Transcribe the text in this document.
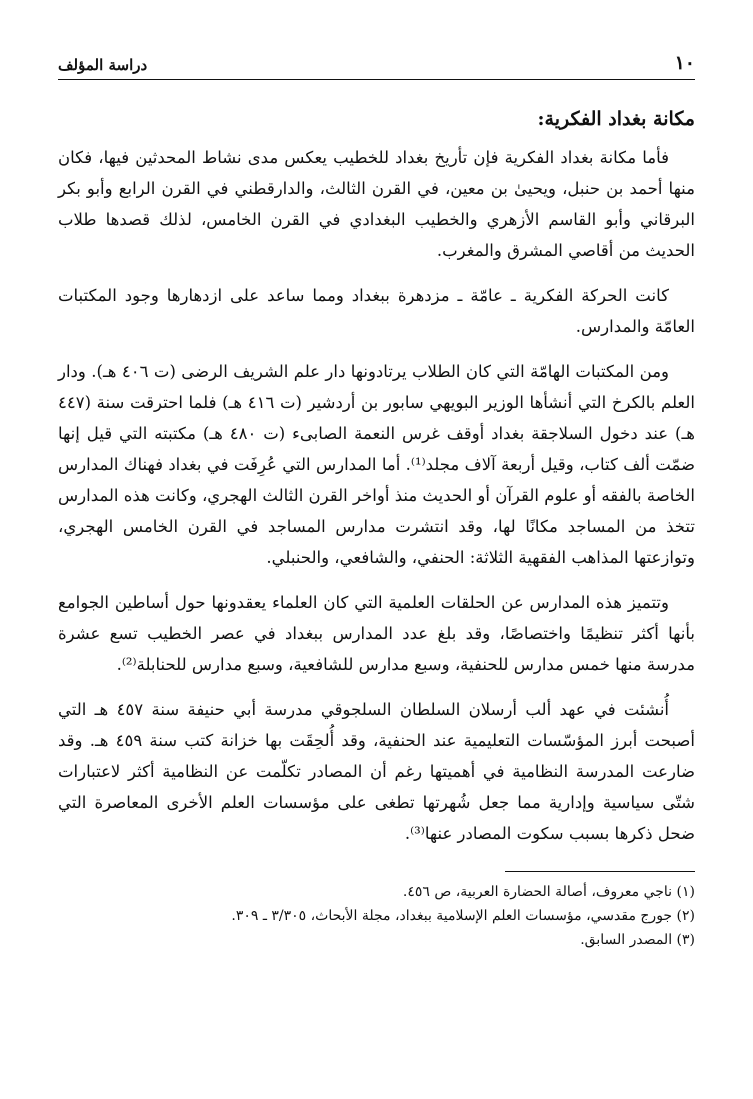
١٠
دراسة المؤلف
مكانة بغداد الفكرية:

فأما مكانة بغداد الفكرية فإن تأريخ بغداد للخطيب يعكس مدى نشاط المحدثين فيها، فكان منها أحمد بن حنبل، ويحيىٰ بن معين، في القرن الثالث، والدارقطني في القرن الرابع وأبو بكر البرقاني وأبو القاسم الأزهري والخطيب البغدادي في القرن الخامس، لذلك قصدها طلاب الحديث من أقاصي المشرق والمغرب.

كانت الحركة الفكرية ـ عامّة ـ مزدهرة ببغداد ومما ساعد على ازدهارها وجود المكتبات العامّة والمدارس.

ومن المكتبات الهامّة التي كان الطلاب يرتادونها دار علم الشريف الرضى (ت ٤٠٦ هـ). ودار العلم بالكرخ التي أنشأها الوزير البويهي سابور بن أردشير (ت ٤١٦ هـ) فلما احترقت سنة (٤٤٧ هـ) عند دخول السلاجقة بغداد أوقف غرس النعمة الصابىء (ت ٤٨٠ هـ) مكتبته التي قيل إنها ضمّت ألف كتاب، وقيل أربعة آلاف مجلد⁽¹⁾. أما المدارس التي عُرِفَت في بغداد فهناك المدارس الخاصة بالفقه أو علوم القرآن أو الحديث منذ أواخر القرن الثالث الهجري، وكانت هذه المدارس تتخذ من المساجد مكانًا لها، وقد انتشرت مدارس المساجد في القرن الخامس الهجري، وتوازعتها المذاهب الفقهية الثلاثة: الحنفي، والشافعي، والحنبلي.

وتتميز هذه المدارس عن الحلقات العلمية التي كان العلماء يعقدونها حول أساطين الجوامع بأنها أكثر تنظيمًا واختصاصًا، وقد بلغ عدد المدارس ببغداد في عصر الخطيب تسع عشرة مدرسة منها خمس مدارس للحنفية، وسبع مدارس للشافعية، وسبع مدارس للحنابلة⁽²⁾.

أُنشئت في عهد ألب أرسلان السلطان السلجوقي مدرسة أبي حنيفة سنة ٤٥٧ هـ التي أصبحت أبرز المؤسّسات التعليمية عند الحنفية، وقد أُلحِقَت بها خزانة كتب سنة ٤٥٩ هـ. وقد ضارعت المدرسة النظامية في أهميتها رغم أن المصادر تكلّمت عن النظامية أكثر لاعتبارات شتّى سياسية وإدارية مما جعل شُهرتها تطغى على مؤسسات العلم الأخرى المعاصرة التي ضحل ذكرها بسبب سكوت المصادر عنها⁽³⁾.

(١) ناجي معروف، أصالة الحضارة العربية، ص ٤٥٦.
(٢) جورج مقدسي، مؤسسات العلم الإسلامية ببغداد، مجلة الأبحاث، ٣/٣٠٥ ـ ٣٠٩.
(٣) المصدر السابق.
